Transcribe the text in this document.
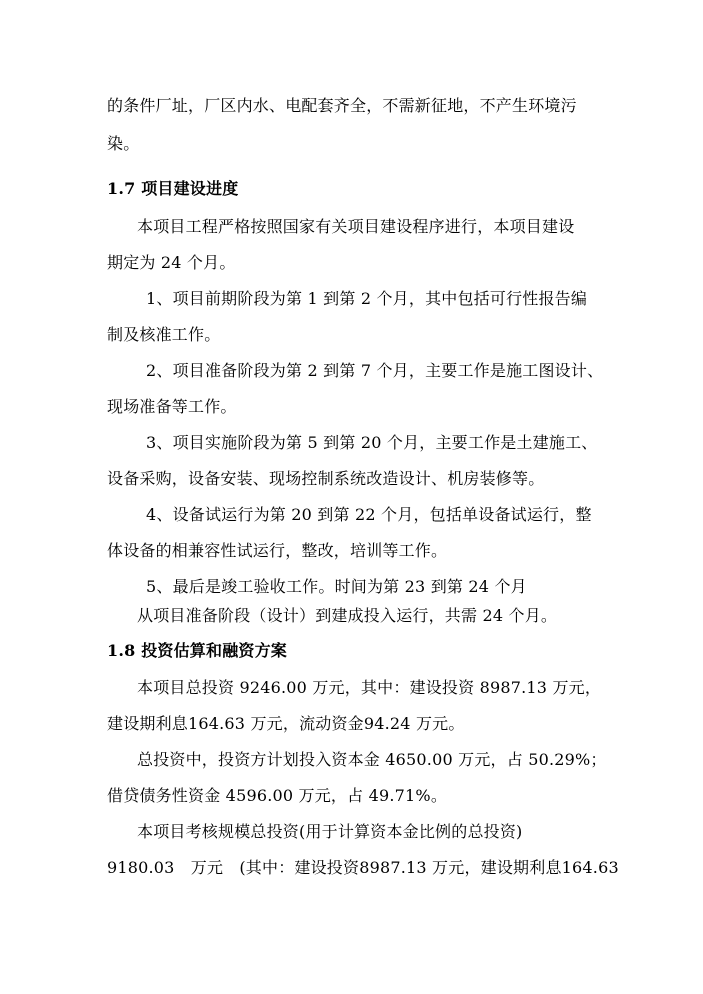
的条件厂址，厂区内水、电配套齐全，不需新征地，不产生环境污
染。
1.7 项目建设进度
本项目工程严格按照国家有关项目建设程序进行，本项目建设
期定为 24 个月。
1、项目前期阶段为第 1 到第 2 个月，其中包括可行性报告编
制及核准工作。
2、项目准备阶段为第 2 到第 7 个月，主要工作是施工图设计、
现场准备等工作。
3、项目实施阶段为第 5 到第 20 个月，主要工作是土建施工、
设备采购，设备安装、现场控制系统改造设计、机房装修等。
4、设备试运行为第 20 到第 22 个月，包括单设备试运行，整
体设备的相兼容性试运行，整改，培训等工作。
5、最后是竣工验收工作。时间为第 23 到第 24 个月
从项目准备阶段（设计）到建成投入运行，共需 24 个月。
1.8 投资估算和融资方案
本项目总投资 9246.00 万元，其中：建设投资 8987.13 万元，
建设期利息164.63 万元，流动资金94.24 万元。
总投资中，投资方计划投入资本金 4650.00 万元，占 50.29%；
借贷债务性资金 4596.00 万元，占 49.71%。
本项目考核规模总投资(用于计算资本金比例的总投资)
9180.03　万元　(其中：建设投资8987.13 万元，建设期利息164.63
